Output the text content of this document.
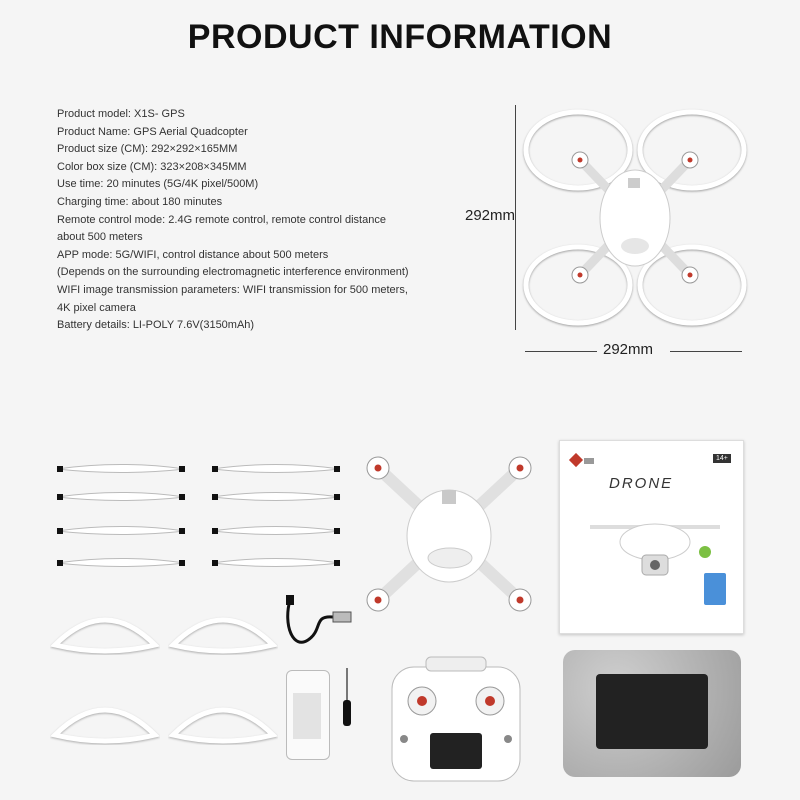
PRODUCT INFORMATION
Product model: X1S- GPS
Product Name: GPS Aerial Quadcopter
Product size (CM): 292×292×165MM
Color box size (CM): 323×208×345MM
Use time: 20 minutes (5G/4K pixel/500M)
Charging time: about 180 minutes
Remote control mode: 2.4G remote control, remote control distance
about 500 meters
APP mode: 5G/WIFI, control distance about 500 meters
(Depends on the surrounding electromagnetic interference environment)
WIFI image transmission parameters: WIFI transmission for 500 meters,
4K pixel camera
Battery details: LI-POLY 7.6V(3150mAh)
292mm
292mm
DRONE
14+
